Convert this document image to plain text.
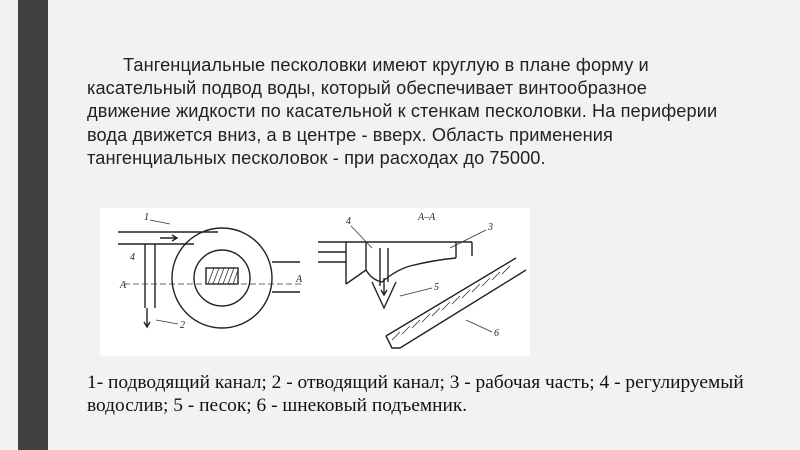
Тангенциальные песколовки имеют круглую в плане форму и касательный подвод воды, который обеспечивает винтообразное движение жидкости по касательной к стенкам песколовки. На периферии вода движется вниз, а в центре - вверх. Область применения тангенциальных песколовок - при расходах до 75000.

1
4
А
А
2
А–А
4
3
5
6

1- подводящий канал; 2 - отводящий канал; 3 - рабочая часть; 4 - регулируемый водослив; 5 - песок; 6 - шнековый подъемник.
